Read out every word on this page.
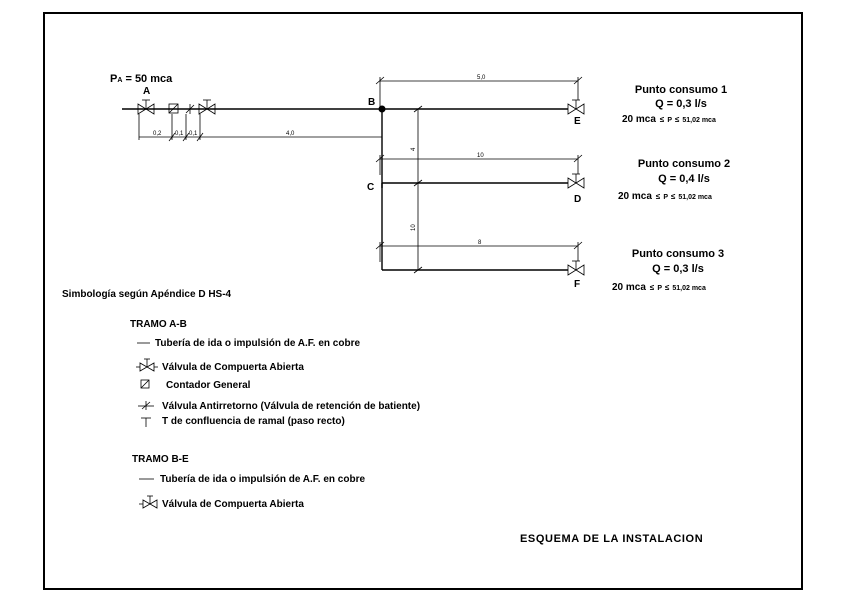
PA = 50 mca
A
B
C
D
E
F
0,2 0,1 0,1	4,0
5,0
10
4
10
8
Punto consumo 1
Q = 0,3 l/s
20 mca ≤ P ≤ 51,02 mca
Punto consumo 2
Q = 0,4 l/s
20 mca ≤ P ≤ 51,02 mca
Punto consumo 3
Q = 0,3 l/s
20 mca ≤ P ≤ 51,02 mca
Simbología según Apéndice D HS-4
TRAMO A-B
Tubería de ida o impulsión de A.F. en cobre
Válvula de Compuerta Abierta
Contador General
Válvula Antirretorno (Válvula de retención de batiente)
T de confluencia de ramal (paso recto)
TRAMO B-E
Tubería de ida o impulsión de A.F. en cobre
Válvula de Compuerta Abierta
ESQUEMA DE LA INSTALACION
